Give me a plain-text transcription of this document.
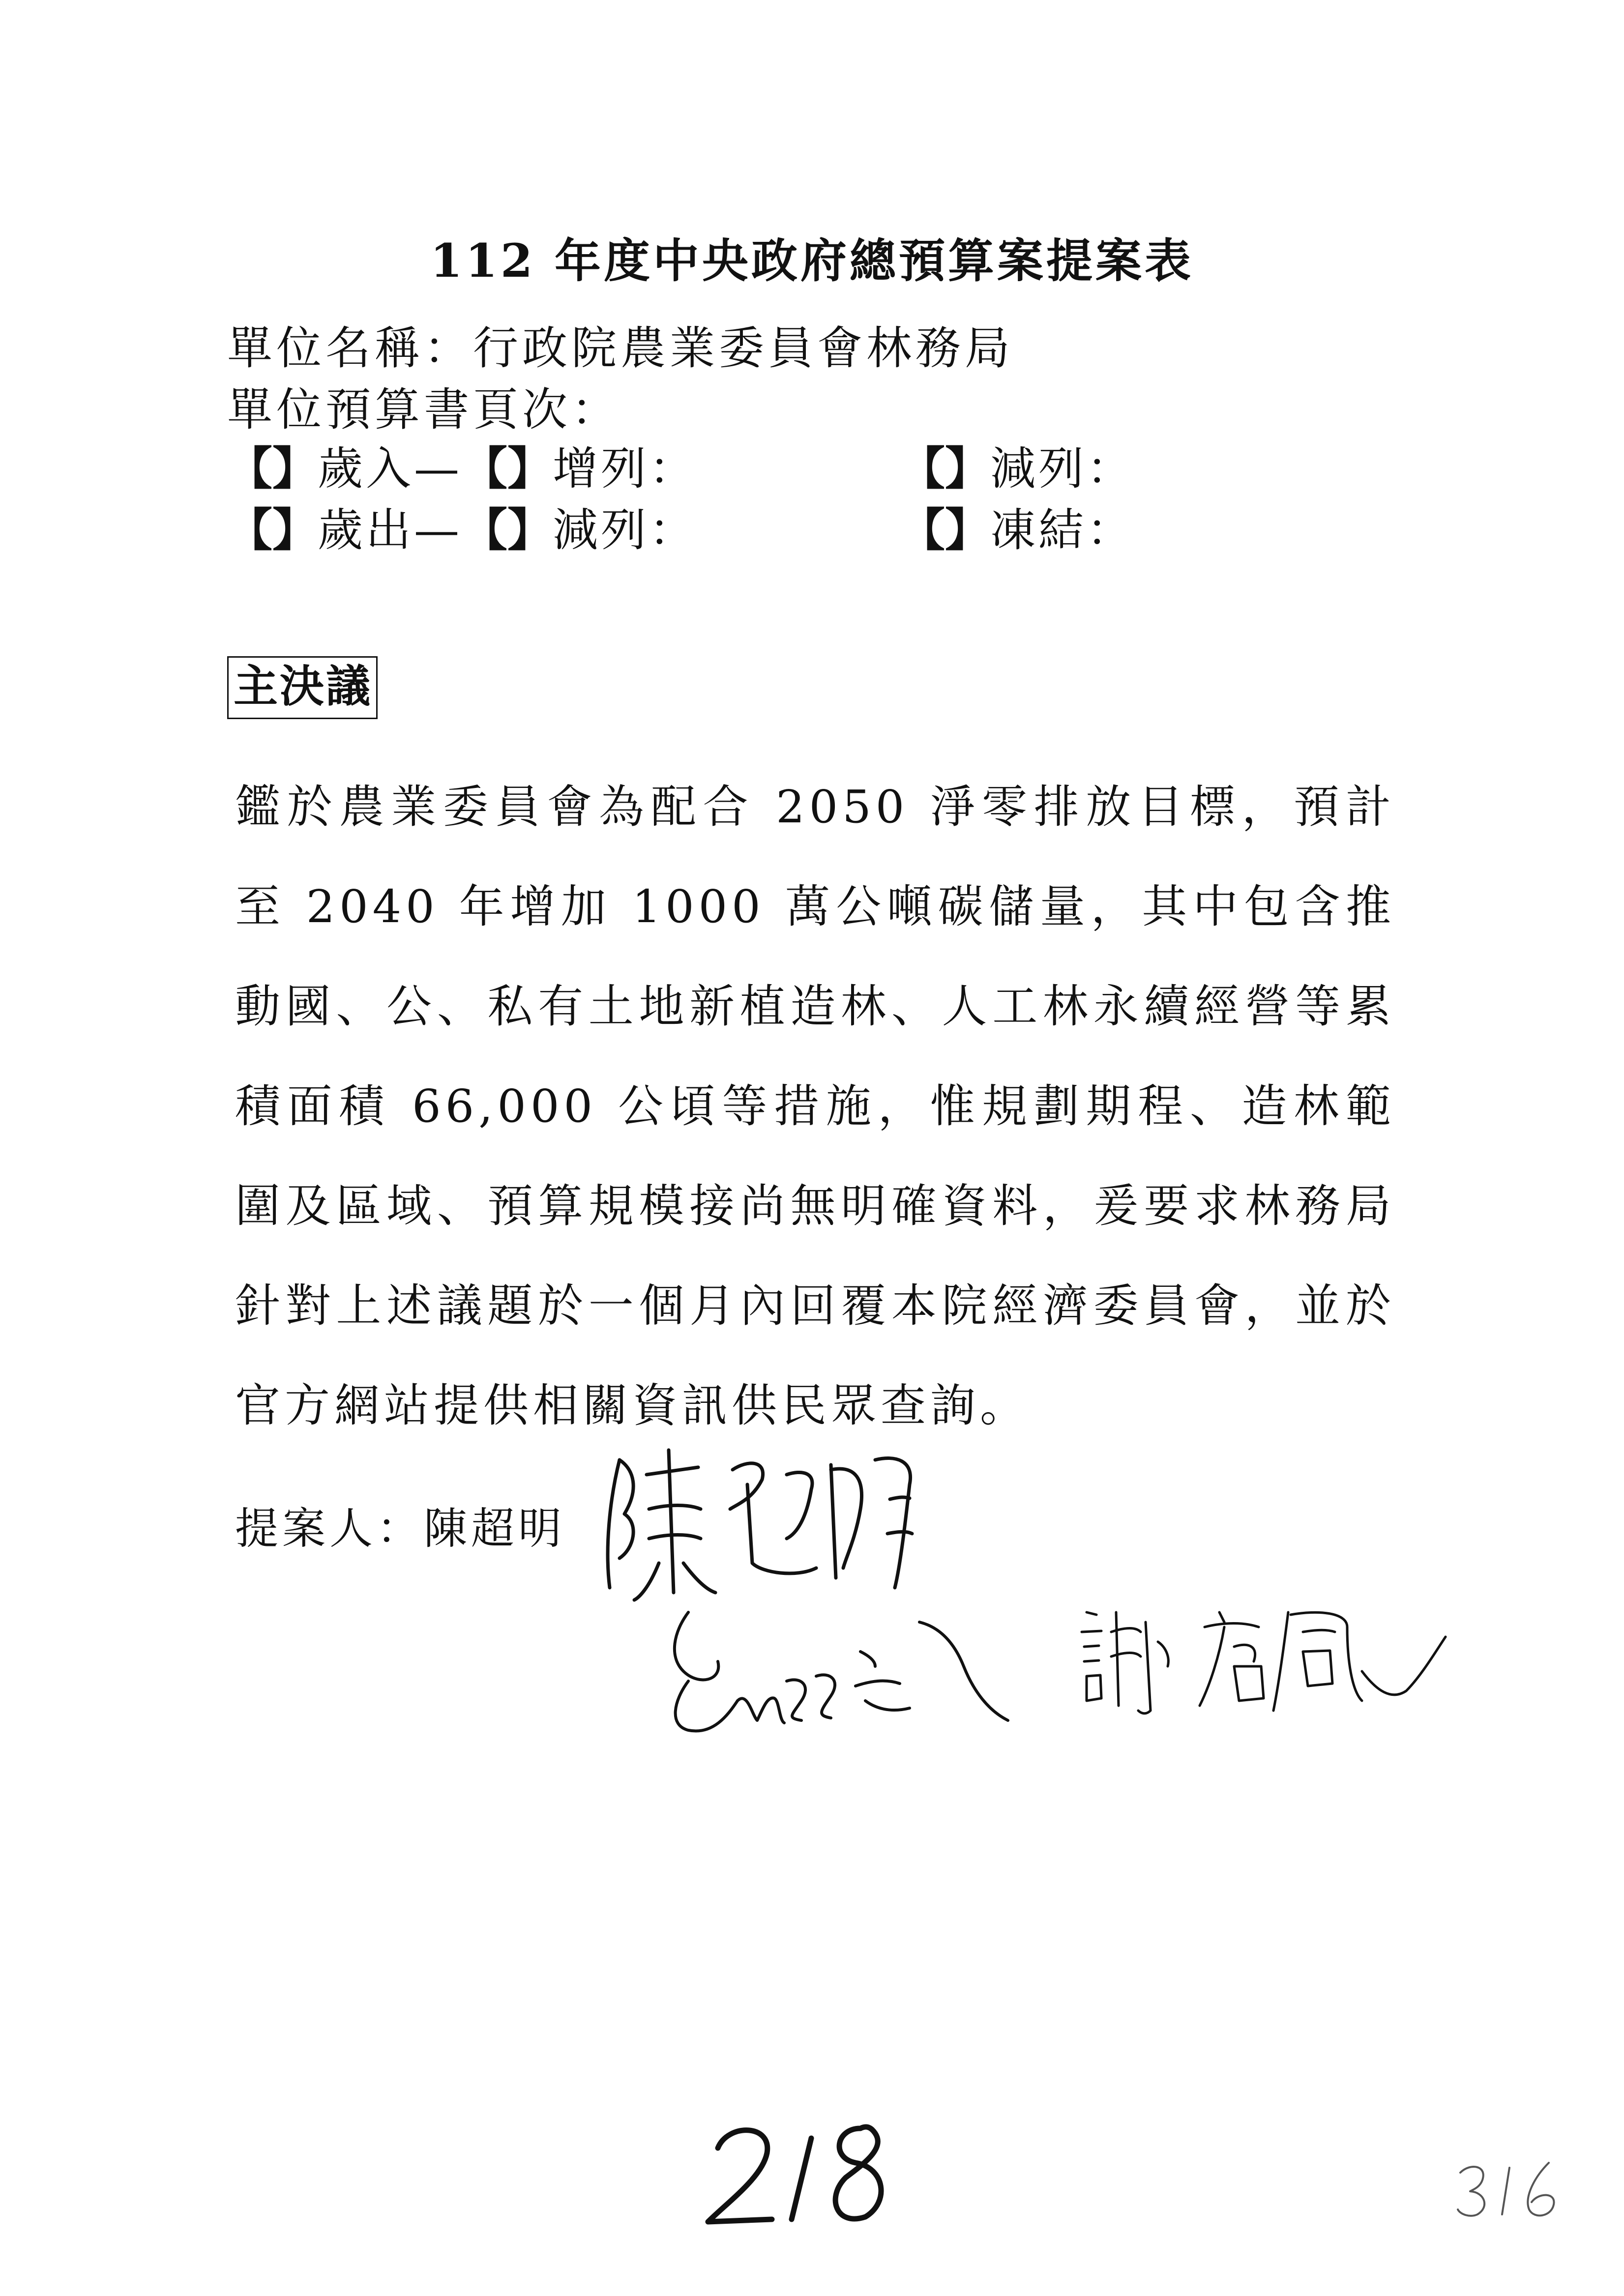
112 年度中央政府總預算案提案表
單位名稱：行政院農業委員會林務局
單位預算書頁次：
【】歲入—【】增列：	【】減列：
【】歲出—【】減列：	【】凍結：
主決議
鑑於農業委員會為配合 2050 淨零排放目標，預計至 2040 年增加 1000 萬公噸碳儲量，其中包含推動國、公、私有土地新植造林、人工林永續經營等累積面積 66,000 公頃等措施，惟規劃期程、造林範圍及區域、預算規模接尚無明確資料，爰要求林務局針對上述議題於一個月內回覆本院經濟委員會，並於官方網站提供相關資訊供民眾查詢。
提案人：陳超明
